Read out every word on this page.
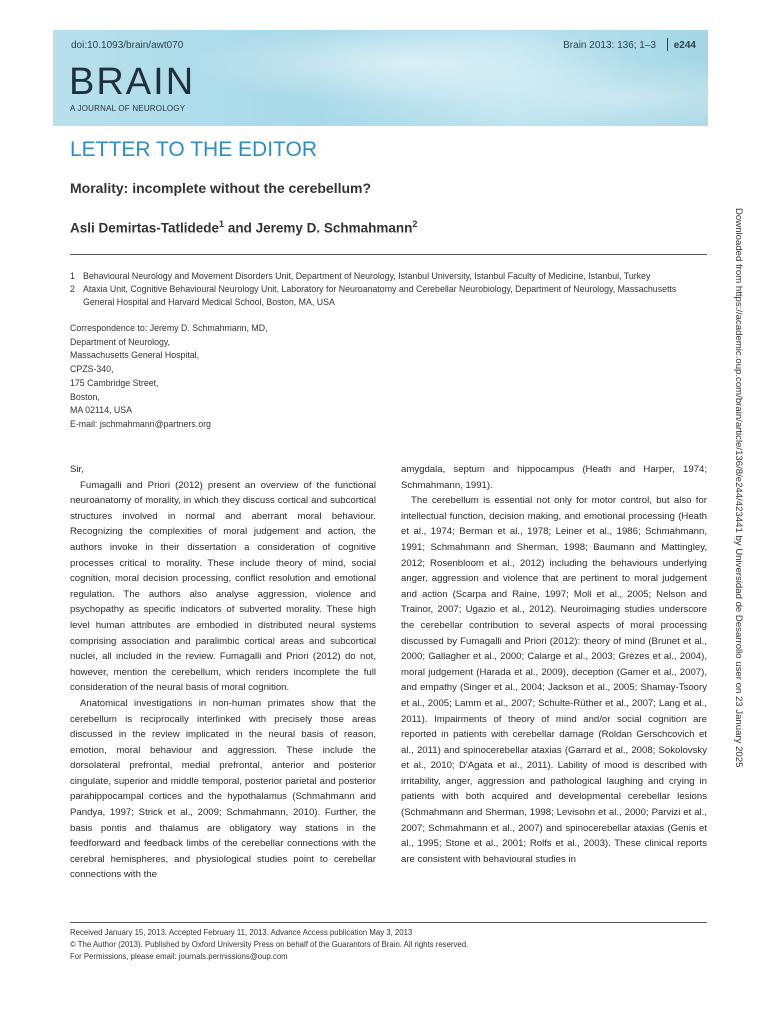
doi:10.1093/brain/awt070	Brain 2013: 136; 1–3 e244
BRAIN
A JOURNAL OF NEUROLOGY
LETTER TO THE EDITOR
Morality: incomplete without the cerebellum?
Asli Demirtas-Tatlidede$^1$ and Jeremy D. Schmahmann$^2$
1 Behavioural Neurology and Movement Disorders Unit, Department of Neurology, Istanbul University, Istanbul Faculty of Medicine, Istanbul, Turkey
2 Ataxia Unit, Cognitive Behavioural Neurology Unit, Laboratory for Neuroanatomy and Cerebellar Neurobiology, Department of Neurology, Massachusetts General Hospital and Harvard Medical School, Boston, MA, USA
Correspondence to: Jeremy D. Schmahmann, MD,
Department of Neurology,
Massachusetts General Hospital,
CPZS-340,
175 Cambridge Street,
Boston,
MA 02114, USA
E-mail: jschmahmann@partners.org

Sir,

Fumagalli and Priori (2012) present an overview of the functional neuroanatomy of morality, in which they discuss cortical and subcortical structures involved in normal and aberrant moral behaviour. Recognizing the complexities of moral judgement and action, the authors invoke in their dissertation a consideration of cognitive processes critical to morality. These include theory of mind, social cognition, moral decision processing, conflict resolution and emotional regulation. The authors also analyse aggression, violence and psychopathy as specific indicators of subverted morality. These high level human attributes are embodied in distributed neural systems comprising association and paralimbic cortical areas and subcortical nuclei, all included in the review. Fumagalli and Priori (2012) do not, however, mention the cerebellum, which renders incomplete the full consideration of the neural basis of moral cognition.

Anatomical investigations in non-human primates show that the cerebellum is reciprocally interlinked with precisely those areas discussed in the review implicated in the neural basis of reason, emotion, moral behaviour and aggression. These include the dorsolateral prefrontal, medial prefrontal, anterior and posterior cingulate, superior and middle temporal, posterior parietal and posterior parahippocampal cortices and the hypothalamus (Schmahmann and Pandya, 1997; Strick et al., 2009; Schmahmann, 2010). Further, the basis pontis and thalamus are obligatory way stations in the feedforward and feedback limbs of the cerebellar connections with the cerebral hemispheres, and physiological studies point to cerebellar connections with the

amygdala, septum and hippocampus (Heath and Harper, 1974; Schmahmann, 1991).

The cerebellum is essential not only for motor control, but also for intellectual function, decision making, and emotional processing (Heath et al., 1974; Berman et al., 1978; Leiner et al., 1986; Schmahmann, 1991; Schmahmann and Sherman, 1998; Baumann and Mattingley, 2012; Rosenbloom et al., 2012) including the behaviours underlying anger, aggression and violence that are pertinent to moral judgement and action (Scarpa and Raine, 1997; Moll et al., 2005; Nelson and Trainor, 2007; Ugazio et al., 2012). Neuroimaging studies underscore the cerebellar contribution to several aspects of moral processing discussed by Fumagalli and Priori (2012): theory of mind (Brunet et al., 2000; Gallagher et al., 2000; Calarge et al., 2003; Grèzes et al., 2004), moral judgement (Harada et al., 2009), deception (Gamer et al., 2007), and empathy (Singer et al., 2004; Jackson et al., 2005; Shamay-Tsoory et al., 2005; Lamm et al., 2007; Schulte-Rüther et al., 2007; Lang et al., 2011). Impairments of theory of mind and/or social cognition are reported in patients with cerebellar damage (Roldan Gerschcovich et al., 2011) and spinocerebellar ataxias (Garrard et al., 2008; Sokolovsky et al., 2010; D'Agata et al., 2011). Lability of mood is described with irritability, anger, aggression and pathological laughing and crying in patients with both acquired and developmental cerebellar lesions (Schmahmann and Sherman, 1998; Levisohn et al., 2000; Parvizi et al., 2007; Schmahmann et al., 2007) and spinocerebellar ataxias (Genis et al., 1995; Stone et al., 2001; Rolfs et al., 2003). These clinical reports are consistent with behavioural studies in

Received January 15, 2013. Accepted February 11, 2013. Advance Access publication May 3, 2013
© The Author (2013). Published by Oxford University Press on behalf of the Guarantors of Brain. All rights reserved.
For Permissions, please email: journals.permissions@oup.com
Downloaded from https://academic.oup.com/brain/article/136/8/e244/423441 by Universidad de Desarrollo user on 23 January 2025
